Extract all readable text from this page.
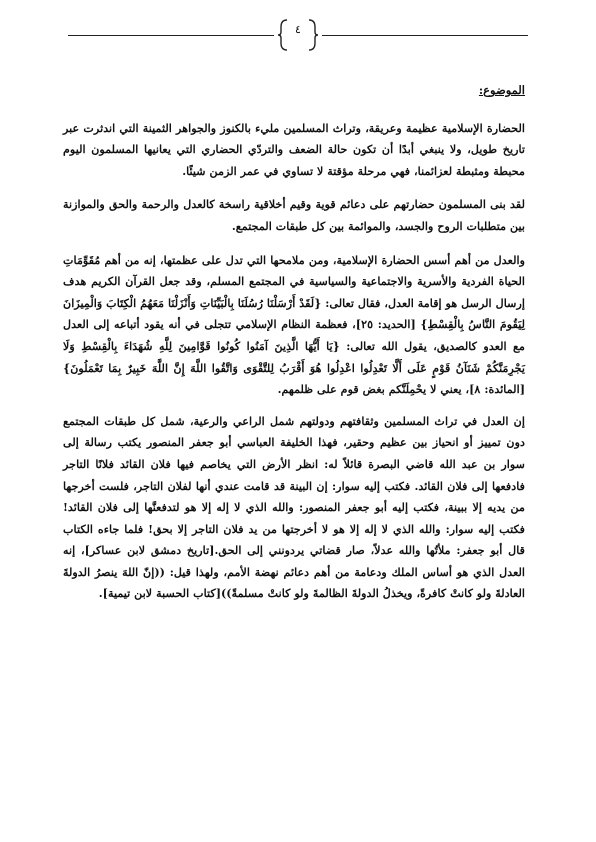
٤
الموضوع:

الحضارة الإسلامية عظيمة وعريقة، وتراث المسلمين مليء بالكنوز والجواهر الثمينة التي اندثرت عبر تاريخ طويل، ولا ينبغي أبدًا أن تكون حالة الضعف والتردّي الحضاري التي يعانيها المسلمون اليوم محبطة ومثبطة لعزائمنا، فهي مرحلة مؤقتة لا تساوي في عمر الزمن شيئًا.

لقد بنى المسلمون حضارتهم على دعائم قوية وقيم أخلاقية راسخة كالعدل والرحمة والحق والموازنة بين متطلبات الروح والجسد، والموائمة بين كل طبقات المجتمع.

والعدل من أهم أسس الحضارة الإسلامية، ومن ملامحها التي تدل على عظمتها، إنه من أهم مُقَوِّمَاتِ الحياة الفردية والأسرية والاجتماعية والسياسية في المجتمع المسلم، وقد جعل القرآن الكريم هدف إرسال الرسل هو إقامة العدل، فقال تعالى: {لَقَدْ أَرْسَلْنَا رُسُلَنَا بِالْبَيِّنَاتِ وَأَنْزَلْنَا مَعَهُمُ الْكِتَابَ وَالْمِيزَانَ لِيَقُومَ النَّاسُ بِالْقِسْطِ} [الحديد: ٢٥]، فعظمة النظام الإسلامي تتجلى في أنه يقود أتباعه إلى العدل مع العدو كالصديق، يقول الله تعالى: {يَا أَيُّهَا الَّذِينَ آمَنُوا كُونُوا قَوَّامِينَ لِلَّهِ شُهَدَاءَ بِالْقِسْطِ وَلَا يَجْرِمَنَّكُمْ شَنَآنُ قَوْمٍ عَلَى أَلَّا تَعْدِلُوا اعْدِلُوا هُوَ أَقْرَبُ لِلتَّقْوَى وَاتَّقُوا اللَّهَ إِنَّ اللَّهَ خَبِيرٌ بِمَا تَعْمَلُونَ} [المائدة: ٨]، يعني لا يحْمِلَنَّكم بغض قوم على ظلمهم.

إن العدل في تراث المسلمين وثقافتهم ودولتهم شمل الراعي والرعية، شمل كل طبقات المجتمع دون تمييز أو انحياز بين عظيم وحقير، فهذا الخليفة العباسي أبو جعفر المنصور يكتب رسالة إلى سوار بن عبد الله قاضي البصرة قائلاً له: انظر الأرض التي يخاصم فيها فلان القائد فلانًا التاجر فادفعها إلى فلان القائد. فكتب إليه سوار: إن البينة قد قامت عندي أنها لفلان التاجر، فلست أخرجها من يديه إلا ببينة، فكتب إليه أبو جعفر المنصور: والله الذي لا إله إلا هو لتدفعنَّها إلى فلان القائد! فكتب إليه سوار: والله الذي لا إله إلا هو لا أخرجتها من يد فلان التاجر إلا بحق! فلما جاءه الكتاب قال أبو جعفر: ملأتُها والله عدلاً، صار قضاتي يردونني إلى الحق.[تاريخ دمشق لابن عساكر]، إنه العدل الذي هو أساس الملك ودعامة من أهم دعائم نهضة الأمم، ولهذا قيل: ((إنّ اللهَ ينصرُ الدولةَ العادلةَ ولو كانتْ كافرةً، ويخذلُ الدولةَ الظالمةَ ولو كانتْ مسلمةً))[كتاب الحسبة لابن تيمية].
